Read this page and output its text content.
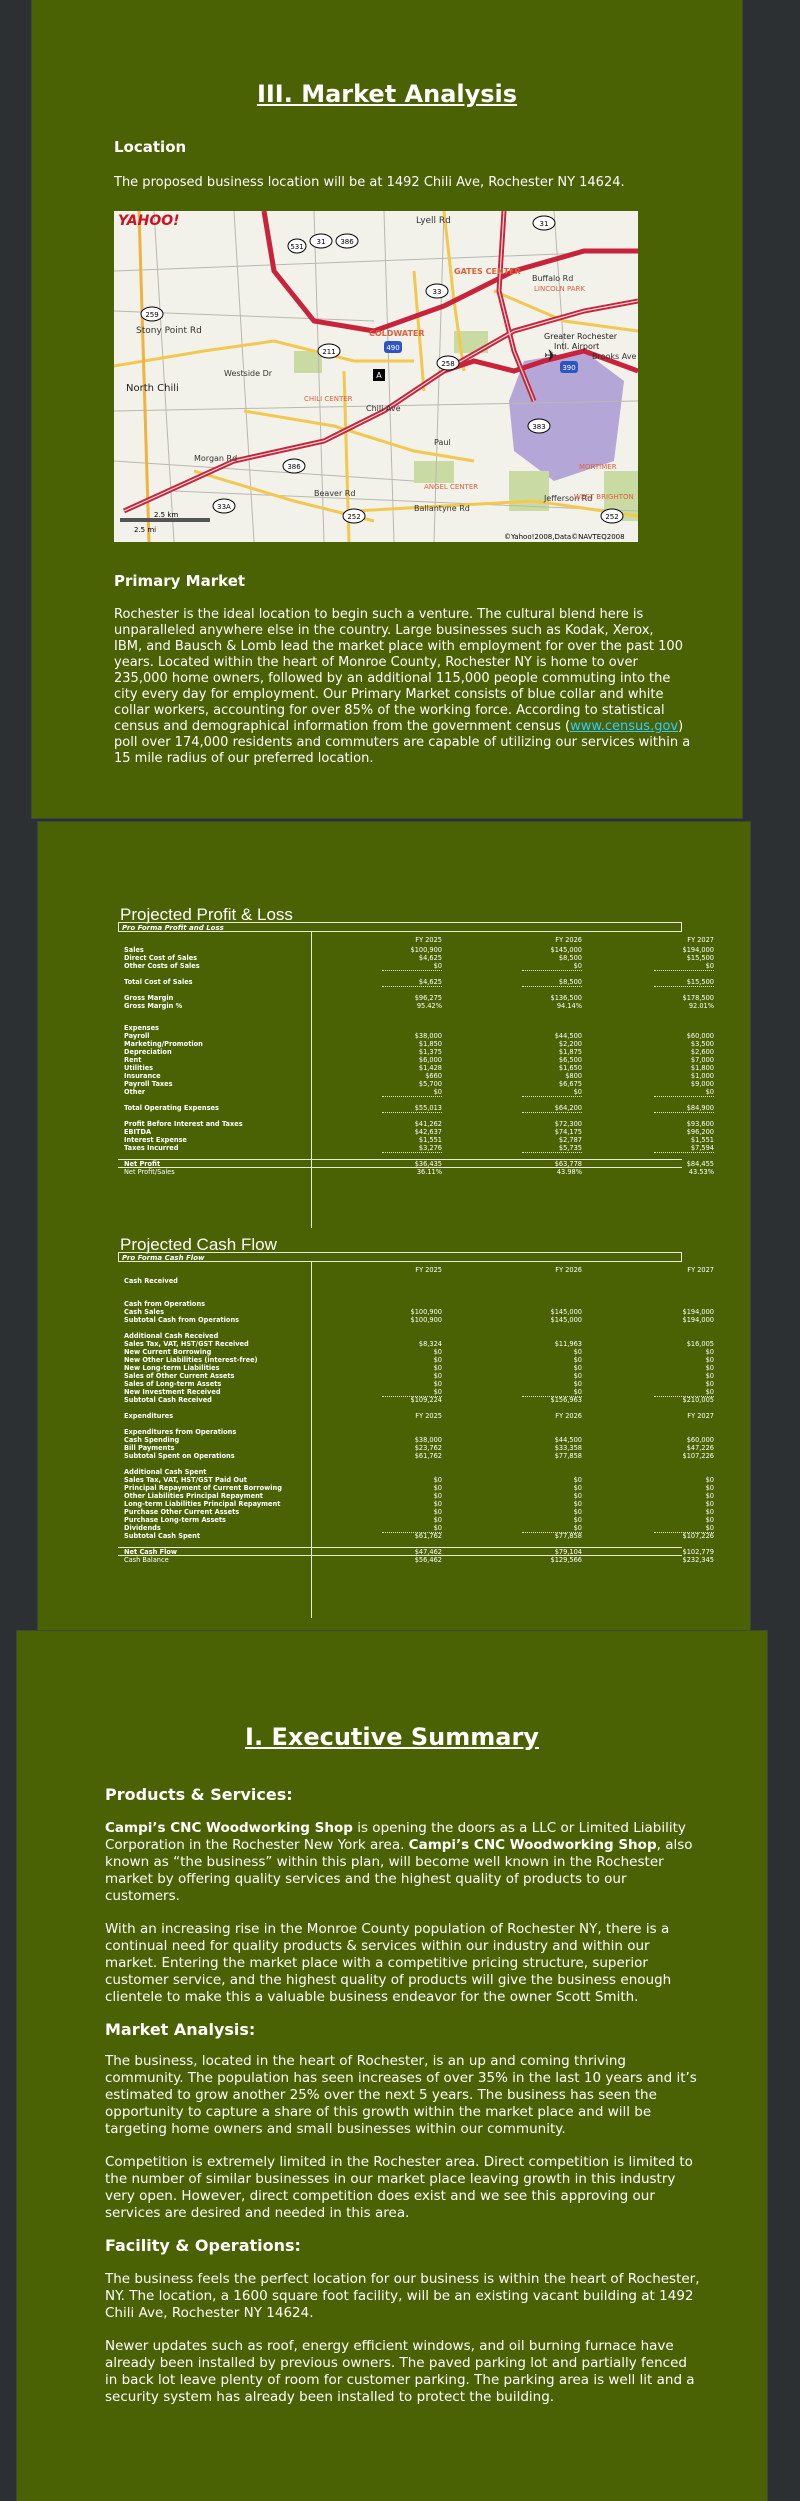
III. Market Analysis
Location
The proposed business location will be at 1492 Chili Ave, Rochester NY 14624.
31 386
33
259
490
390
383
252
31
252
386
33A
211
258
531
A
✈
Lyell Rd
Stony Point Rd
Westside Dr
North Chili
COLDWATER
GATES CENTER
LINCOLN PARK
Buffalo Rd
Greater Rochester
Intl. Airport
Brooks Ave
Chili Ave
Paul
Beaver Rd
ANGEL CENTER
CHILI CENTER
Jefferson Rd
MORTIMER
WEST BRIGHTON
Ballantyne Rd
Morgan Rd
YAHOO!
2.5 km
2.5 mi
©Yahoo!2008,Data©NAVTEQ2008
Primary Market
Rochester is the ideal location to begin such a venture. The cultural blend here is
unparalleled anywhere else in the country. Large businesses such as Kodak, Xerox,
IBM, and Bausch & Lomb lead the market place with employment for over the past 100
years. Located within the heart of Monroe County, Rochester NY is home to over
235,000 home owners, followed by an additional 115,000 people commuting into the
city every day for employment. Our Primary Market consists of blue collar and white
collar workers, accounting for over 85% of the working force. According to statistical
census and demographical information from the government census (www.census.gov)
poll over 174,000 residents and commuters are capable of utilizing our services within a
15 mile radius of our preferred location.
Projected Profit & Loss
Pro Forma Profit and Loss
FY 2025	FY 2026	FY 2027
Sales	$100,900	$145,000	$194,000
Direct Cost of Sales	$4,625	$8,500	$15,500
Other Costs of Sales	$0	$0	$0
Total Cost of Sales	$4,625	$8,500	$15,500
Gross Margin	$96,275	$136,500	$178,500
Gross Margin %	95.42%	94.14%	92.01%
Expenses
Payroll	$38,000	$44,500	$60,000
Marketing/Promotion	$1,850	$2,200	$3,500
Depreciation	$1,375	$1,875	$2,600
Rent	$6,000	$6,500	$7,000
Utilities	$1,428	$1,650	$1,800
Insurance	$660	$800	$1,000
Payroll Taxes	$5,700	$6,675	$9,000
Other	$0	$0	$0
Total Operating Expenses	$55,013	$64,200	$84,900
Profit Before Interest and Taxes	$41,262	$72,300	$93,600
EBITDA	$42,637	$74,175	$96,200
Interest Expense	$1,551	$2,787	$1,551
Taxes Incurred	$3,276	$5,735	$7,594
Net Profit	$36,435	$63,778	$84,455
Net Profit/Sales	36.11%	43.98%	43.53%
Projected Cash Flow
Pro Forma Cash Flow
FY 2025	FY 2026	FY 2027
Cash Received
Cash from Operations
Cash Sales	$100,900	$145,000	$194,000
Subtotal Cash from Operations	$100,900	$145,000	$194,000
Additional Cash Received
Sales Tax, VAT, HST/GST Received	$8,324	$11,963	$16,005
New Current Borrowing	$0	$0	$0
New Other Liabilities (interest-free)	$0	$0	$0
New Long-term Liabilities	$0	$0	$0
Sales of Other Current Assets	$0	$0	$0
Sales of Long-term Assets	$0	$0	$0
New Investment Received	$0	$0	$0
Subtotal Cash Received	$109,224	$156,963	$210,005
Expenditures	FY 2025	FY 2026	FY 2027
Expenditures from Operations
Cash Spending	$38,000	$44,500	$60,000
Bill Payments	$23,762	$33,358	$47,226
Subtotal Spent on Operations	$61,762	$77,858	$107,226
Additional Cash Spent
Sales Tax, VAT, HST/GST Paid Out	$0	$0	$0
Principal Repayment of Current Borrowing	$0	$0	$0
Other Liabilities Principal Repayment	$0	$0	$0
Long-term Liabilities Principal Repayment	$0	$0	$0
Purchase Other Current Assets	$0	$0	$0
Purchase Long-term Assets	$0	$0	$0
Dividends	$0	$0	$0
Subtotal Cash Spent	$61,762	$77,858	$107,226
Net Cash Flow	$47,462	$79,104	$102,779
Cash Balance	$56,462	$129,566	$232,345
I. Executive Summary
Products & Services:

Campi’s CNC Woodworking Shop is opening the doors as a LLC or Limited Liability Corporation in the Rochester New York area. Campi’s CNC Woodworking Shop, also known as “the business” within this plan, will become well known in the Rochester market by offering quality services and the highest quality of products to our customers.

With an increasing rise in the Monroe County population of Rochester NY, there is a continual need for quality products & services within our industry and within our market. Entering the market place with a competitive pricing structure, superior customer service, and the highest quality of products will give the business enough clientele to make this a valuable business endeavor for the owner Scott Smith.

Market Analysis:

The business, located in the heart of Rochester, is an up and coming thriving community. The population has seen increases of over 35% in the last 10 years and it’s estimated to grow another 25% over the next 5 years. The business has seen the opportunity to capture a share of this growth within the market place and will be targeting home owners and small businesses within our community.

Competition is extremely limited in the Rochester area. Direct competition is limited to the number of similar businesses in our market place leaving growth in this industry very open. However, direct competition does exist and we see this approving our services are desired and needed in this area.

Facility & Operations:

The business feels the perfect location for our business is within the heart of Rochester, NY. The location, a 1600 square foot facility, will be an existing vacant building at 1492 Chili Ave, Rochester NY 14624.

Newer updates such as roof, energy efficient windows, and oil burning furnace have already been installed by previous owners. The paved parking lot and partially fenced in back lot leave plenty of room for customer parking. The parking area is well lit and a security system has already been installed to protect the building.
